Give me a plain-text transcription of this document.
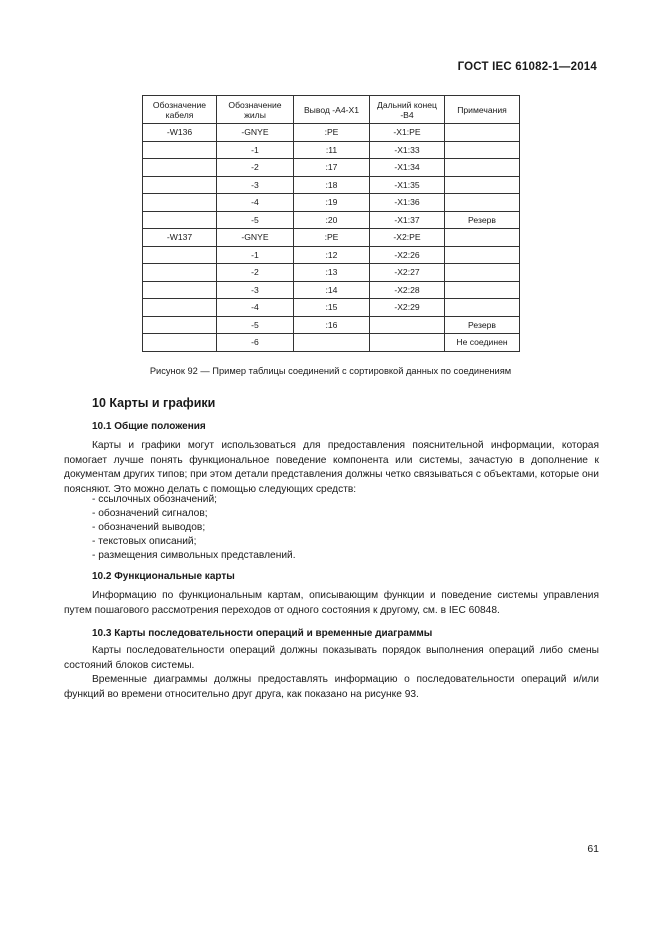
ГОСТ IEC 61082-1—2014
Обозначение кабеля	Обозначение жилы	Вывод -А4-Х1	Дальний конец -В4	Примечания
-W136	-GNYE	:PE	-X1:PE	
	-1	:11	-X1:33	
	-2	:17	-X1:34	
	-3	:18	-X1:35	
	-4	:19	-X1:36	
	-5	:20	-X1:37	Резерв
-W137	-GNYE	:PE	-X2:PE	
	-1	:12	-X2:26	
	-2	:13	-X2:27	
	-3	:14	-X2:28	
	-4	:15	-X2:29	
	-5	:16		Резерв
	-6			Не соединен
Рисунок 92 — Пример таблицы соединений с сортировкой данных по соединениям
10 Карты и графики
10.1 Общие положения
Карты и графики могут использоваться для предоставления пояснительной информации, которая помогает лучше понять функциональное поведение компонента или системы, зачастую в дополнение к документам других типов; при этом детали представления должны четко связываться с объектами, которые они поясняют. Это можно делать с помощью следующих средств:
- ссылочных обозначений;
- обозначений сигналов;
- обозначений выводов;
- текстовых описаний;
- размещения символьных представлений.
10.2 Функциональные карты
Информацию по функциональным картам, описывающим функции и поведение системы управления путем пошагового рассмотрения переходов от одного состояния к другому, см. в IEC 60848.
10.3 Карты последовательности операций и временные диаграммы
Карты последовательности операций должны показывать порядок выполнения операций либо смены состояний блоков системы.
Временные диаграммы должны предоставлять информацию о последовательности операций и/или функций во времени относительно друг друга, как показано на рисунке 93.
61
